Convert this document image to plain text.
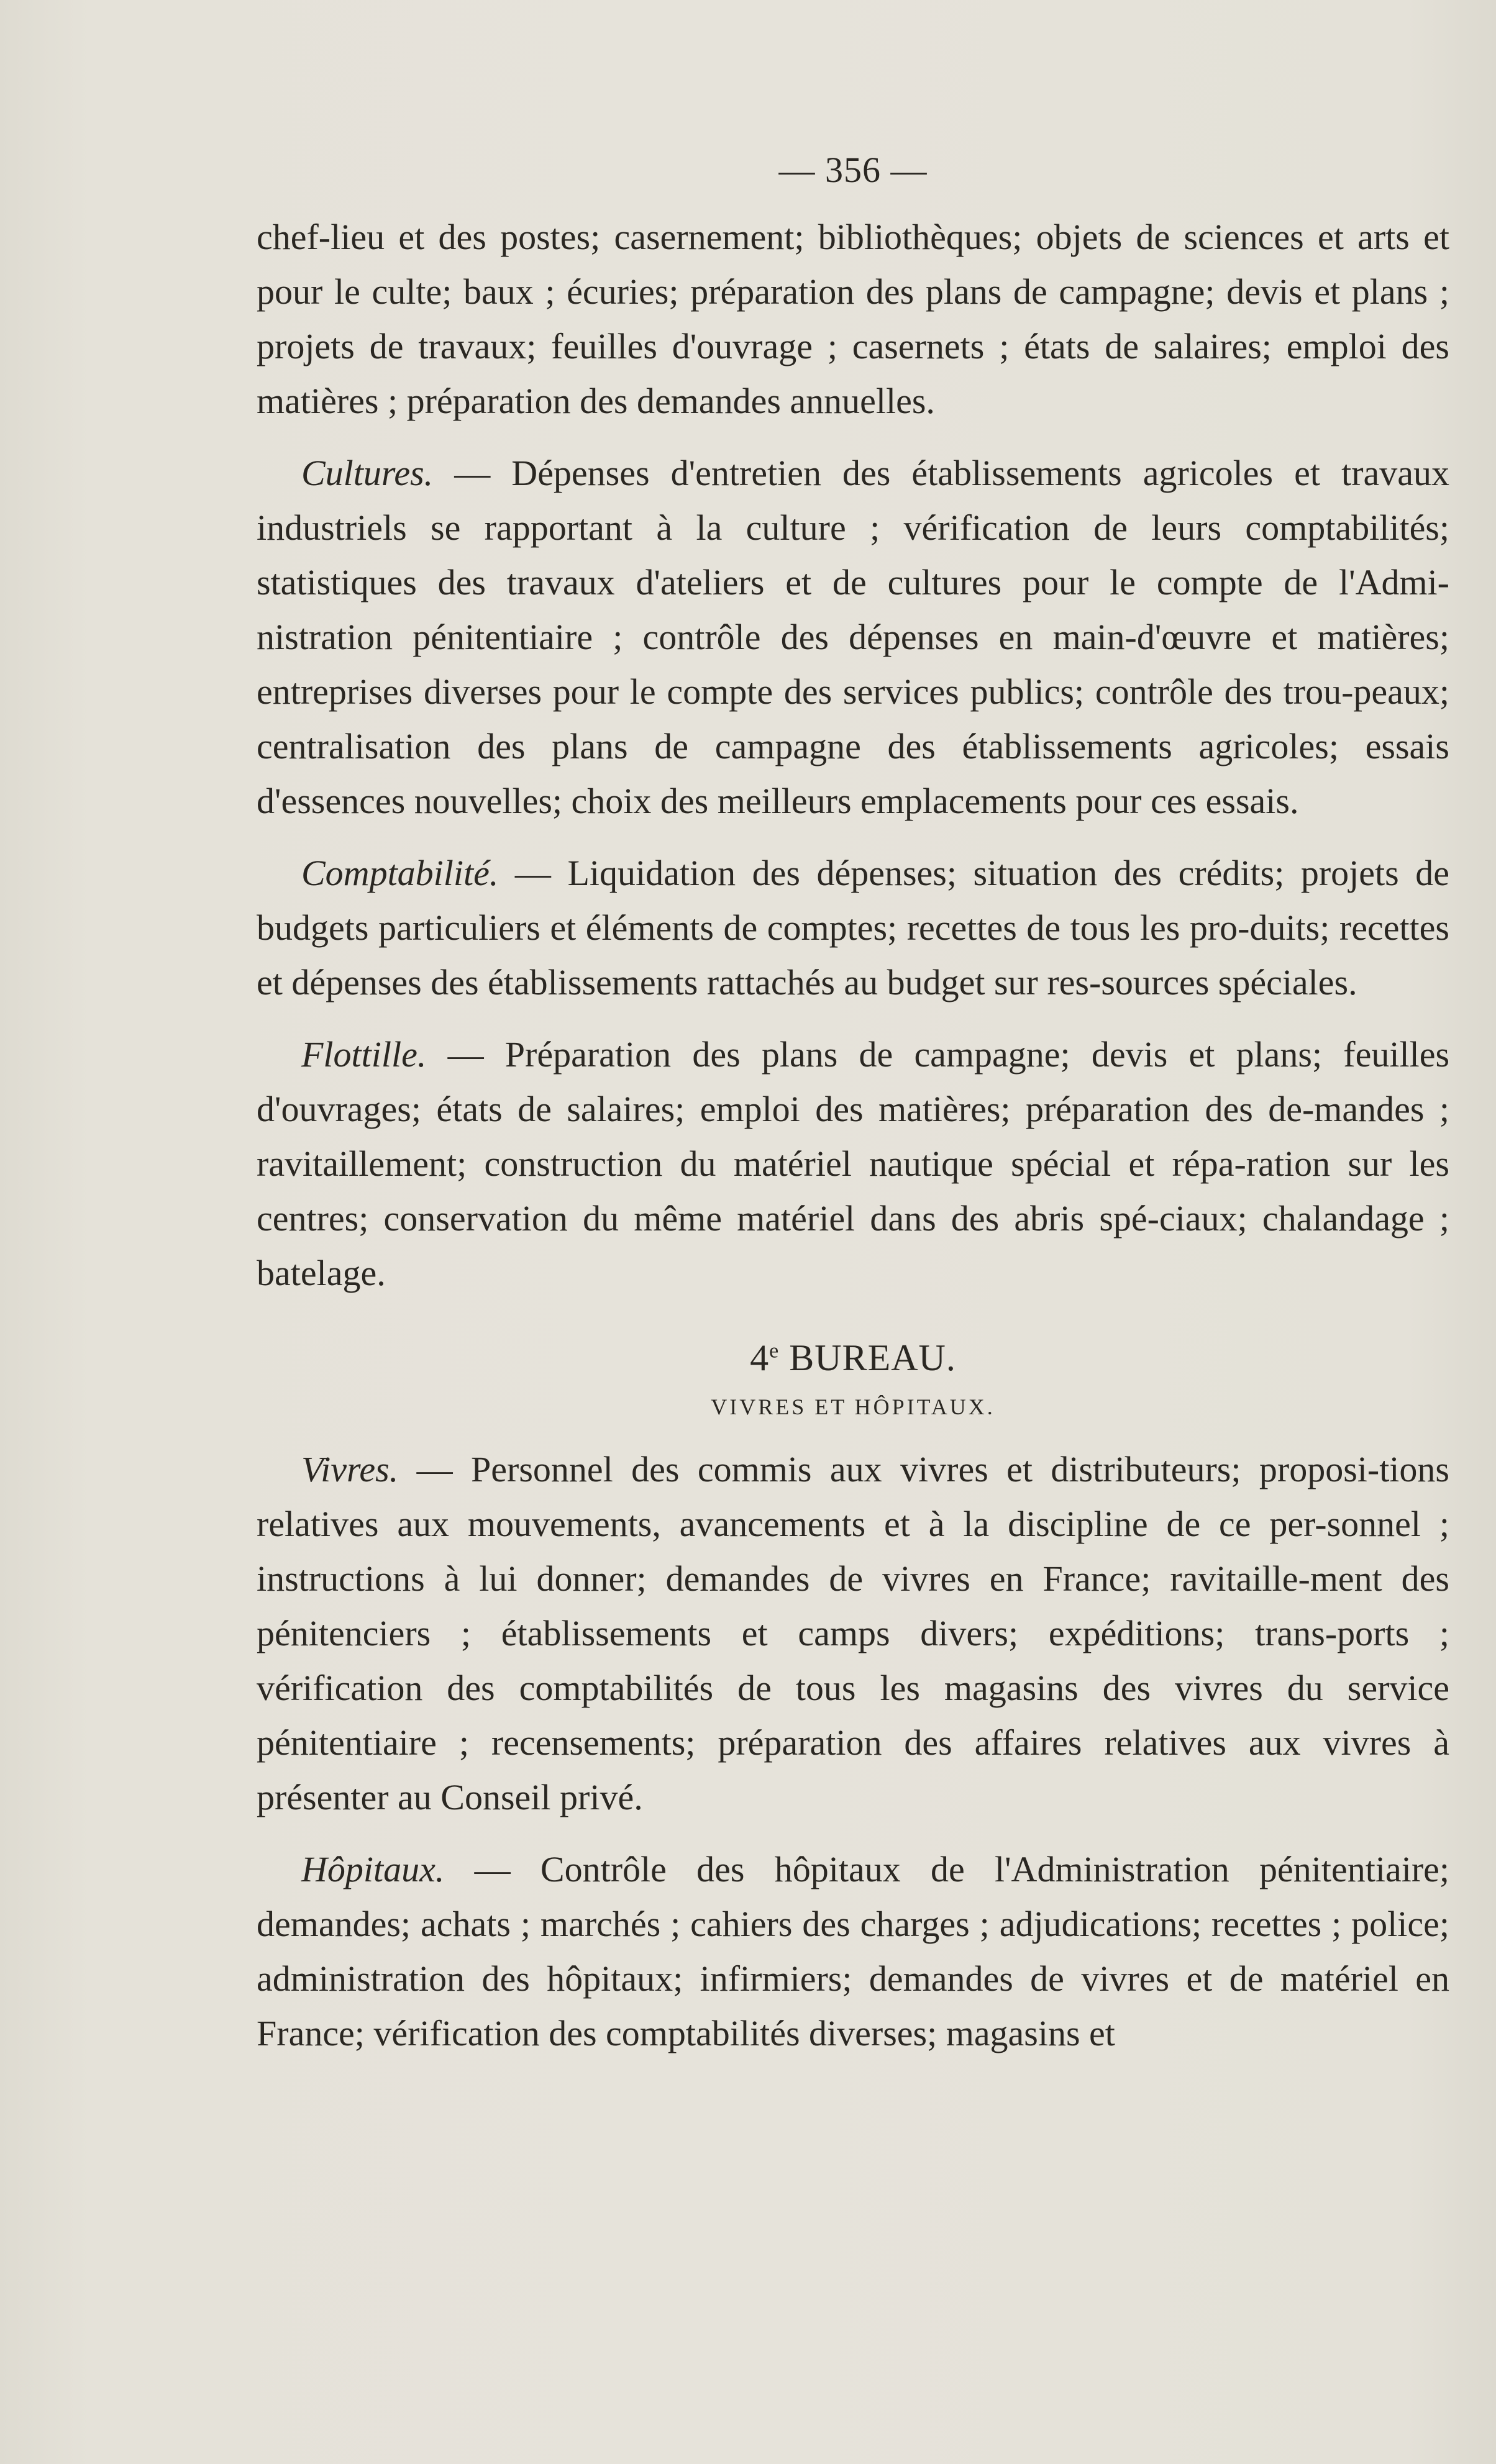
— 356 —

chef-lieu et des postes; casernement; bibliothèques; objets de sciences et arts et pour le culte; baux ; écuries; préparation des plans de campagne; devis et plans ; projets de travaux; feuilles d'ouvrage ; casernets ; états de salaires; emploi des matières ; préparation des demandes annuelles.

Cultures. — Dépenses d'entretien des établissements agricoles et travaux industriels se rapportant à la culture ; vérification de leurs comptabilités; statistiques des travaux d'ateliers et de cultures pour le compte de l'Admi-nistration pénitentiaire ; contrôle des dépenses en main-d'œuvre et matières; entreprises diverses pour le compte des services publics; contrôle des trou-peaux; centralisation des plans de campagne des établissements agricoles; essais d'essences nouvelles; choix des meilleurs emplacements pour ces essais.

Comptabilité. — Liquidation des dépenses; situation des crédits; projets de budgets particuliers et éléments de comptes; recettes de tous les pro-duits; recettes et dépenses des établissements rattachés au budget sur res-sources spéciales.

Flottille. — Préparation des plans de campagne; devis et plans; feuilles d'ouvrages; états de salaires; emploi des matières; préparation des de-mandes ; ravitaillement; construction du matériel nautique spécial et répa-ration sur les centres; conservation du même matériel dans des abris spé-ciaux; chalandage ; batelage.

4e BUREAU.
VIVRES ET HÔPITAUX.

Vivres. — Personnel des commis aux vivres et distributeurs; proposi-tions relatives aux mouvements, avancements et à la discipline de ce per-sonnel ; instructions à lui donner; demandes de vivres en France; ravitaille-ment des pénitenciers ; établissements et camps divers; expéditions; trans-ports ; vérification des comptabilités de tous les magasins des vivres du service pénitentiaire ; recensements; préparation des affaires relatives aux vivres à présenter au Conseil privé.

Hôpitaux. — Contrôle des hôpitaux de l'Administration pénitentiaire; demandes; achats ; marchés ; cahiers des charges ; adjudications; recettes ; police; administration des hôpitaux; infirmiers; demandes de vivres et de matériel en France; vérification des comptabilités diverses; magasins et
